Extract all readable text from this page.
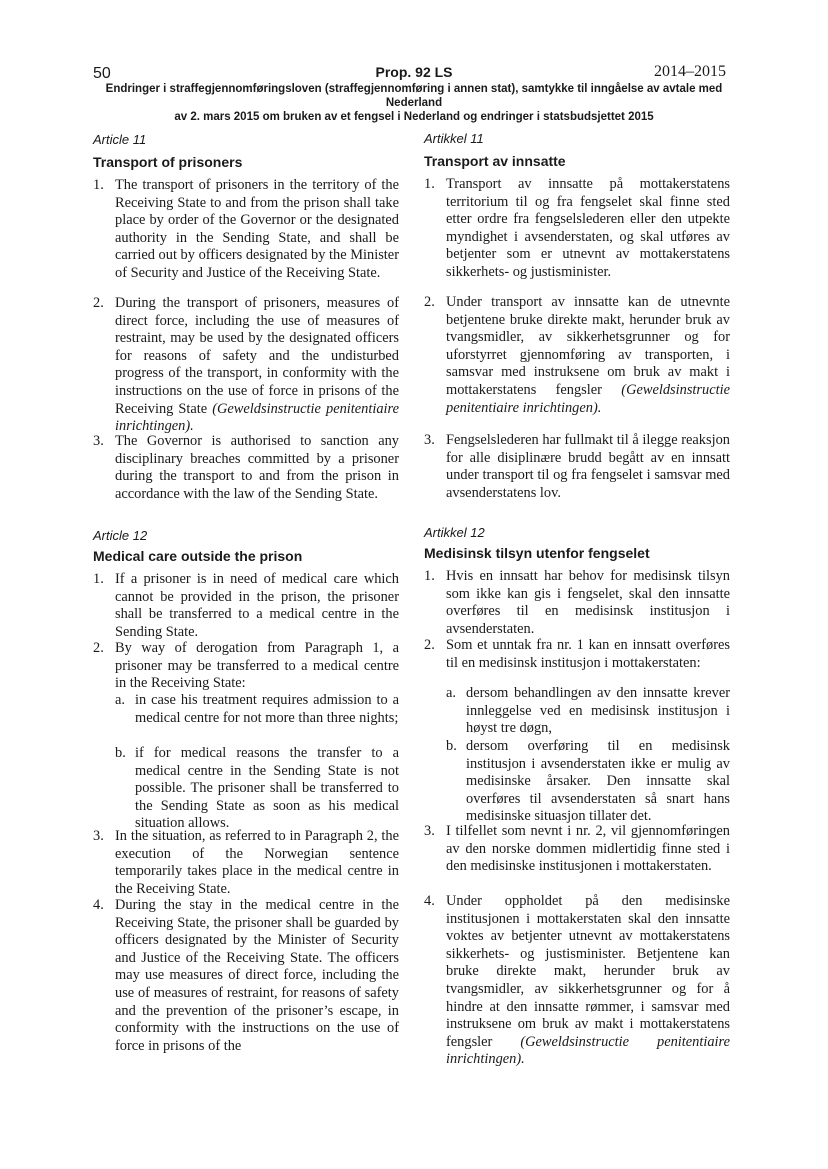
50	Prop. 92 LS	2014–2015
Endringer i straffegjennomføringsloven (straffegjennomføring i annen stat), samtykke til inngåelse av avtale med Nederland
av 2. mars 2015 om bruken av et fengsel i Nederland og endringer i statsbudsjettet 2015
Article 11
Transport of prisoners
1. The transport of prisoners in the territory of the Receiving State to and from the prison shall take place by order of the Governor or the designated authority in the Sending State, and shall be carried out by officers designated by the Minister of Security and Justice of the Receiving State.
2. During the transport of prisoners, measures of direct force, including the use of measures of restraint, may be used by the designated officers for reasons of safety and the undisturbed progress of the transport, in conformity with the instructions on the use of force in prisons of the Receiving State (Geweldsinstructie penitentiaire inrichtingen).
3. The Governor is authorised to sanction any disciplinary breaches committed by a prisoner during the transport to and from the prison in accordance with the law of the Sending State.
Article 12
Medical care outside the prison
1. If a prisoner is in need of medical care which cannot be provided in the prison, the prisoner shall be transferred to a medical centre in the Sending State.
2. By way of derogation from Paragraph 1, a prisoner may be transferred to a medical centre in the Receiving State:
a. in case his treatment requires admission to a medical centre for not more than three nights;
b. if for medical reasons the transfer to a medical centre in the Sending State is not possible. The prisoner shall be transferred to the Sending State as soon as his medical situation allows.
3. In the situation, as referred to in Paragraph 2, the execution of the Norwegian sentence temporarily takes place in the medical centre in the Receiving State.
4. During the stay in the medical centre in the Receiving State, the prisoner shall be guarded by officers designated by the Minister of Security and Justice of the Receiving State. The officers may use measures of direct force, including the use of measures of restraint, for reasons of safety and the prevention of the prisoner’s escape, in conformity with the instructions on the use of force in prisons of the
Artikkel 11
Transport av innsatte
1. Transport av innsatte på mottakerstatens territorium til og fra fengselet skal finne sted etter ordre fra fengselslederen eller den utpekte myndighet i avsenderstaten, og skal utføres av betjenter som er utnevnt av mottakerstatens sikkerhets- og justisminister.
2. Under transport av innsatte kan de utnevnte betjentene bruke direkte makt, herunder bruk av tvangsmidler, av sikkerhetsgrunner og for uforstyrret gjennomføring av transporten, i samsvar med instruksene om bruk av makt i mottakerstatens fengsler (Geweldsinstructie penitentiaire inrichtingen).
3. Fengselslederen har fullmakt til å ilegge reaksjon for alle disiplinære brudd begått av en innsatt under transport til og fra fengselet i samsvar med avsenderstatens lov.
Artikkel 12
Medisinsk tilsyn utenfor fengselet
1. Hvis en innsatt har behov for medisinsk tilsyn som ikke kan gis i fengselet, skal den innsatte overføres til en medisinsk institusjon i avsenderstaten.
2. Som et unntak fra nr. 1 kan en innsatt overføres til en medisinsk institusjon i mottakerstaten:
a. dersom behandlingen av den innsatte krever innleggelse ved en medisinsk institusjon i høyst tre døgn,
b. dersom overføring til en medisinsk institusjon i avsenderstaten ikke er mulig av medisinske årsaker. Den innsatte skal overføres til avsenderstaten så snart hans medisinske situasjon tillater det.
3. I tilfellet som nevnt i nr. 2, vil gjennomføringen av den norske dommen midlertidig finne sted i den medisinske institusjonen i mottakerstaten.
4. Under oppholdet på den medisinske institusjonen i mottakerstaten skal den innsatte voktes av betjenter utnevnt av mottakerstatens sikkerhets- og justisminister. Betjentene kan bruke direkte makt, herunder bruk av tvangsmidler, av sikkerhetsgrunner og for å hindre at den innsatte rømmer, i samsvar med instruksene om bruk av makt i mottakerstatens fengsler (Geweldsinstructie penitentiaire inrichtingen).
